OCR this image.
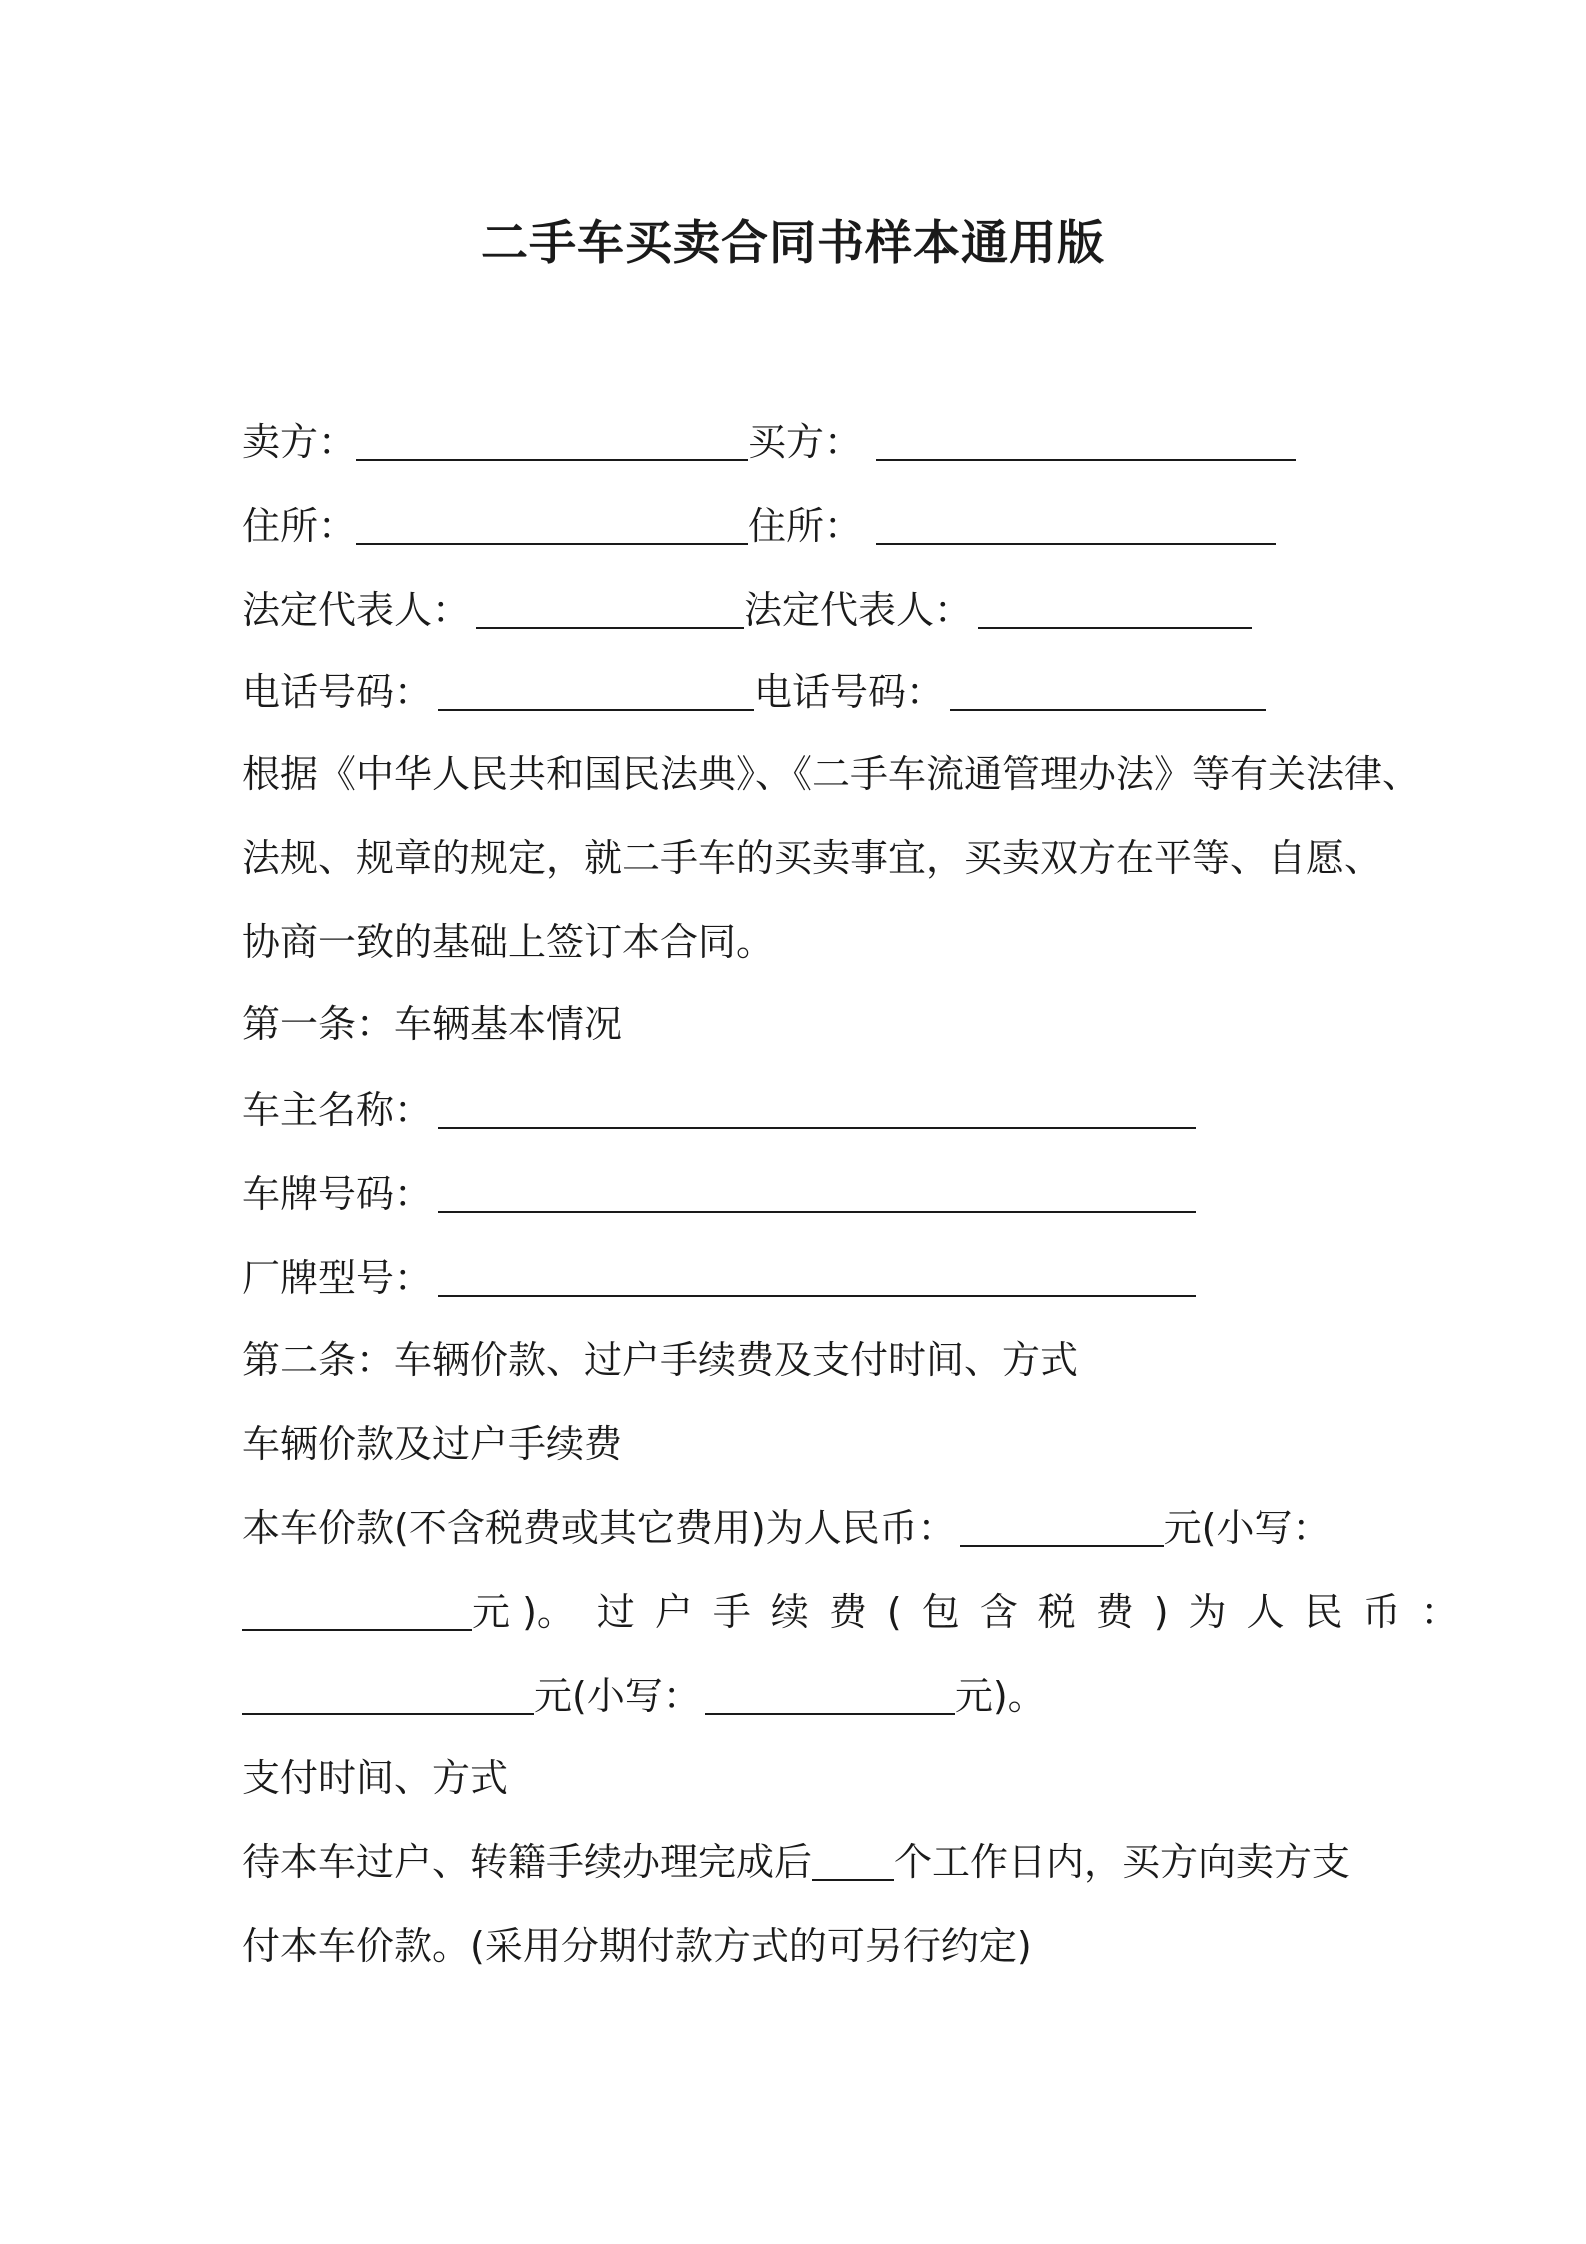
二手车买卖合同书样本通用版
卖方：	买方：
住所：	住所：
法定代表人：	法定代表人：
电话号码：	电话号码：
根据《中华人民共和国民法典》、《二手车流通管理办法》等有关法律、
法规、规章的规定，就二手车的买卖事宜，买卖双方在平等、自愿、
协商一致的基础上签订本合同。
第一条：车辆基本情况
车主名称：
车牌号码：
厂牌型号：
第二条：车辆价款、过户手续费及支付时间、方式
车辆价款及过户手续费
本车价款(不含税费或其它费用)为人民币：	元(小写：
元 )。 过户手续费(包含税费)为人民币：
元(小写：	元)。
支付时间、方式
待本车过户、转籍手续办理完成后 个工作日内，买方向卖方支
付本车价款。(采用分期付款方式的可另行约定)
